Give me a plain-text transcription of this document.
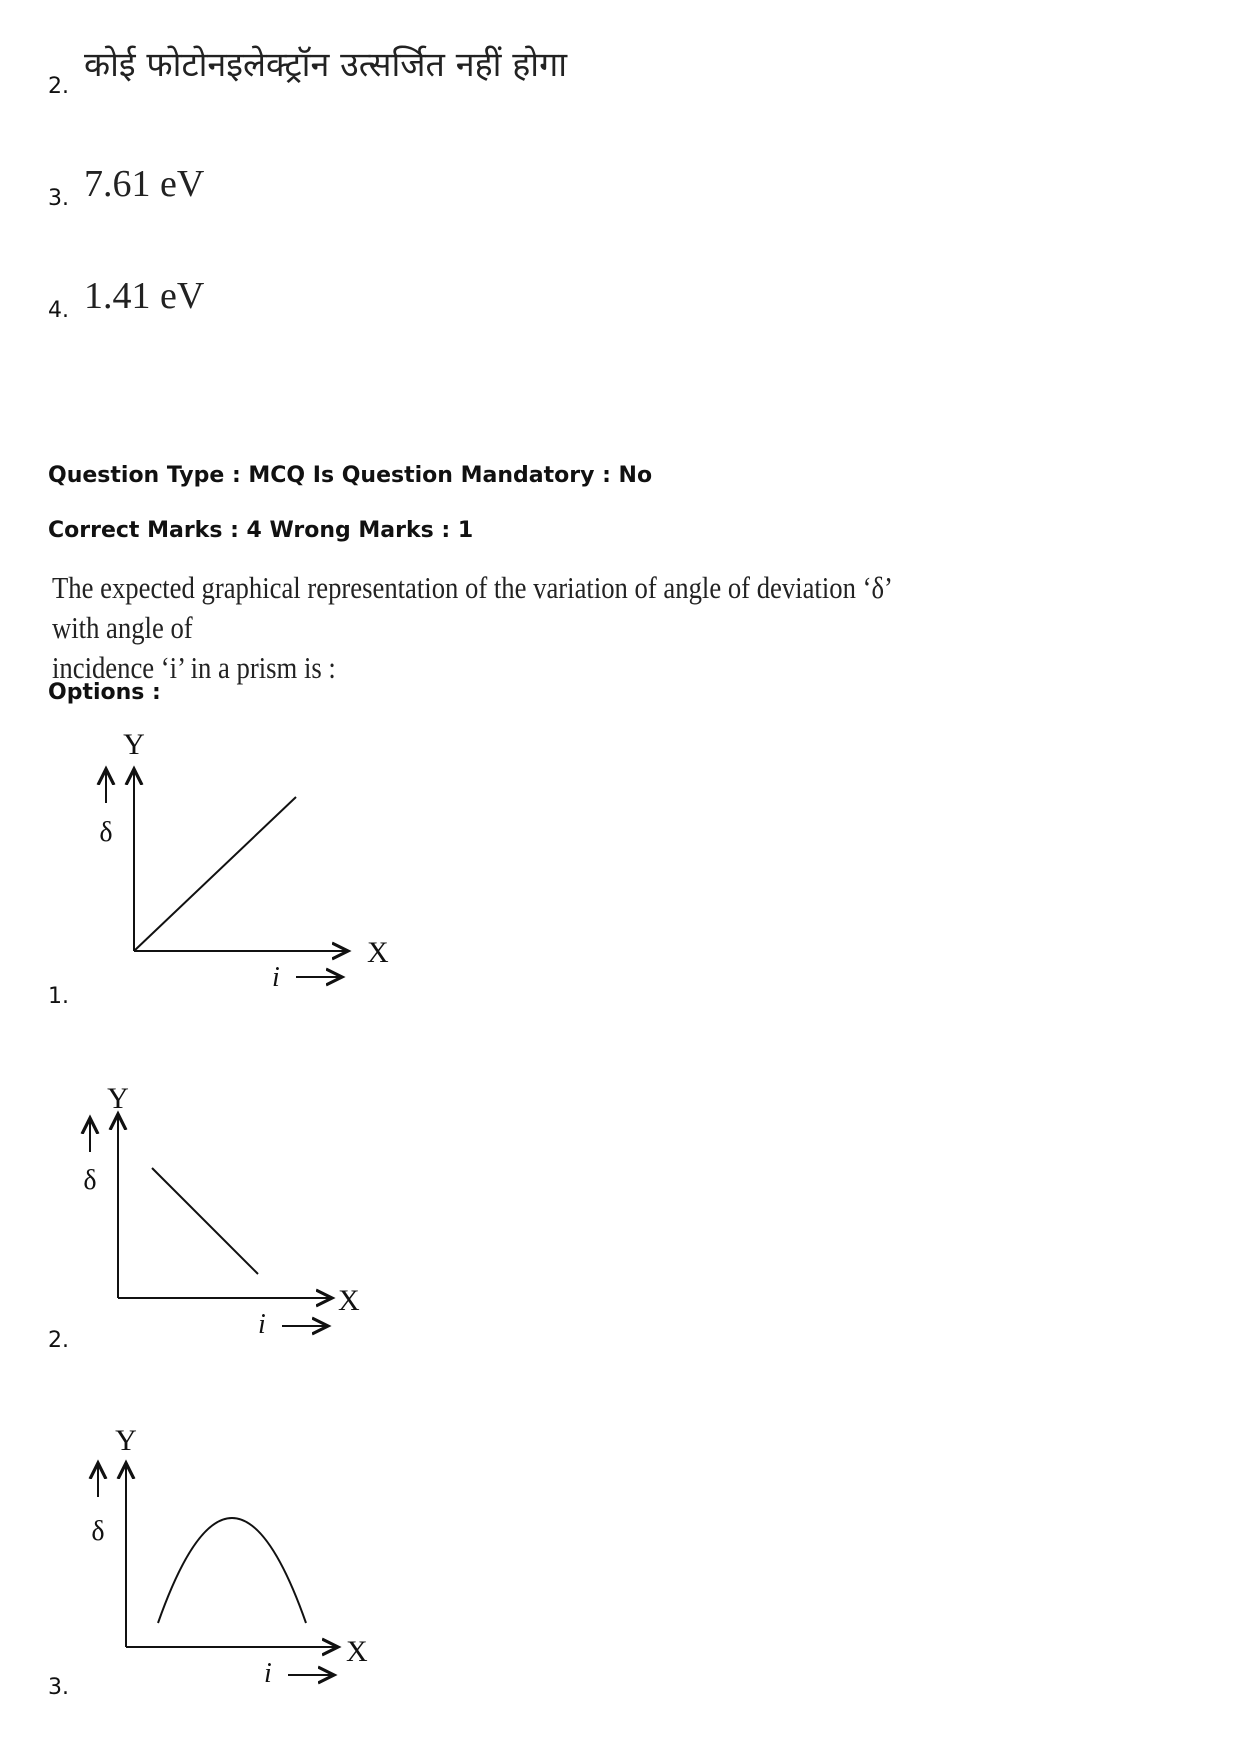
2.
कोई फोटोनइलेक्ट्रॉन उत्सर्जित नहीं होगा
3. 7.61 eV
4. 1.41 eV
Question Type : MCQ Is Question Mandatory : No
Correct Marks : 4 Wrong Marks : 1
The expected graphical representation of the variation of angle of deviation ‘δ’ with angle of
incidence ‘i’ in a prism is :
Options :
1.
Y
X
δ
i
2.
Y
X
δ
i
3.
Y
X
δ
i
